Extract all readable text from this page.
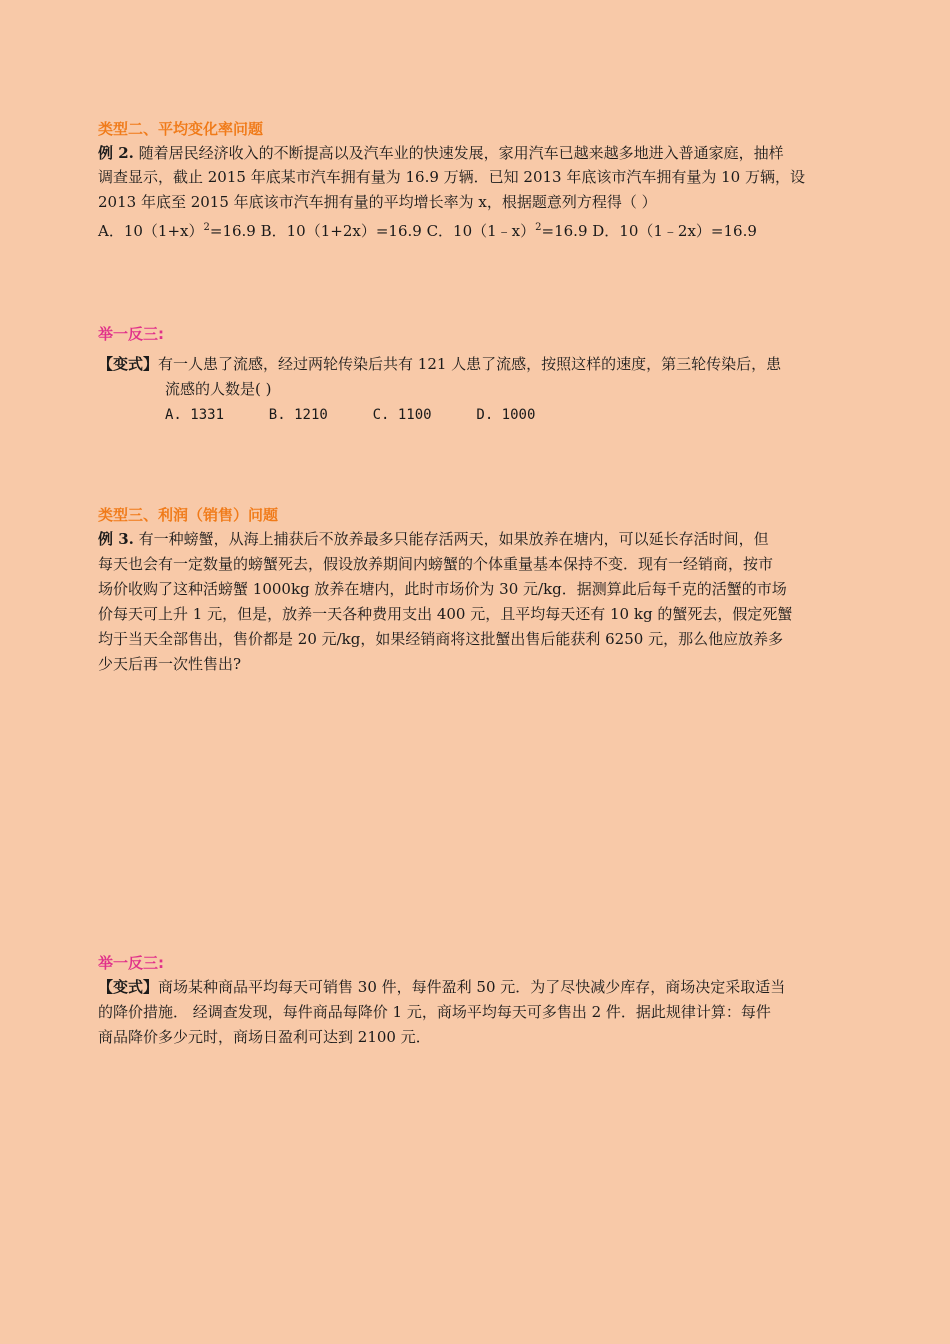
类型二、平均变化率问题
例 2. 随着居民经济收入的不断提高以及汽车业的快速发展，家用汽车已越来越多地进入普通家庭，抽样
调查显示，截止 2015 年底某市汽车拥有量为 16.9 万辆．已知 2013 年底该市汽车拥有量为 10 万辆，设
2013 年底至 2015 年底该市汽车拥有量的平均增长率为 x，根据题意列方程得（ ）
A．$10(1+x)^2=16.9$ B．10（1+2x）=16.9 C．10（1﹣x）$^2$=16.9 D．10（1﹣2x）=16.9
举一反三:
【变式】有一人患了流感，经过两轮传染后共有 121 人患了流感，按照这样的速度，第三轮传染后，患
流感的人数是( )
A. 1331	B. 1210	C. 1100	D. 1000
类型三、利润（销售）问题
例 3. 有一种螃蟹，从海上捕获后不放养最多只能存活两天，如果放养在塘内，可以延长存活时间，但
每天也会有一定数量的螃蟹死去，假设放养期间内螃蟹的个体重量基本保持不变．现有一经销商，按市
场价收购了这种活螃蟹 1000kg 放养在塘内，此时市场价为 30 元/kg．据测算此后每千克的活蟹的市场
价每天可上升 1 元，但是，放养一天各种费用支出 400 元，且平均每天还有 10 kg 的蟹死去，假定死蟹
均于当天全部售出，售价都是 20 元/kg，如果经销商将这批蟹出售后能获利 6250 元，那么他应放养多
少天后再一次性售出?
举一反三:
【变式】商场某种商品平均每天可销售 30 件，每件盈利 50 元．为了尽快减少库存，商场决定采取适当
的降价措施． 经调查发现，每件商品每降价 1 元，商场平均每天可多售出 2 件．据此规律计算：每件
商品降价多少元时，商场日盈利可达到 2100 元．
